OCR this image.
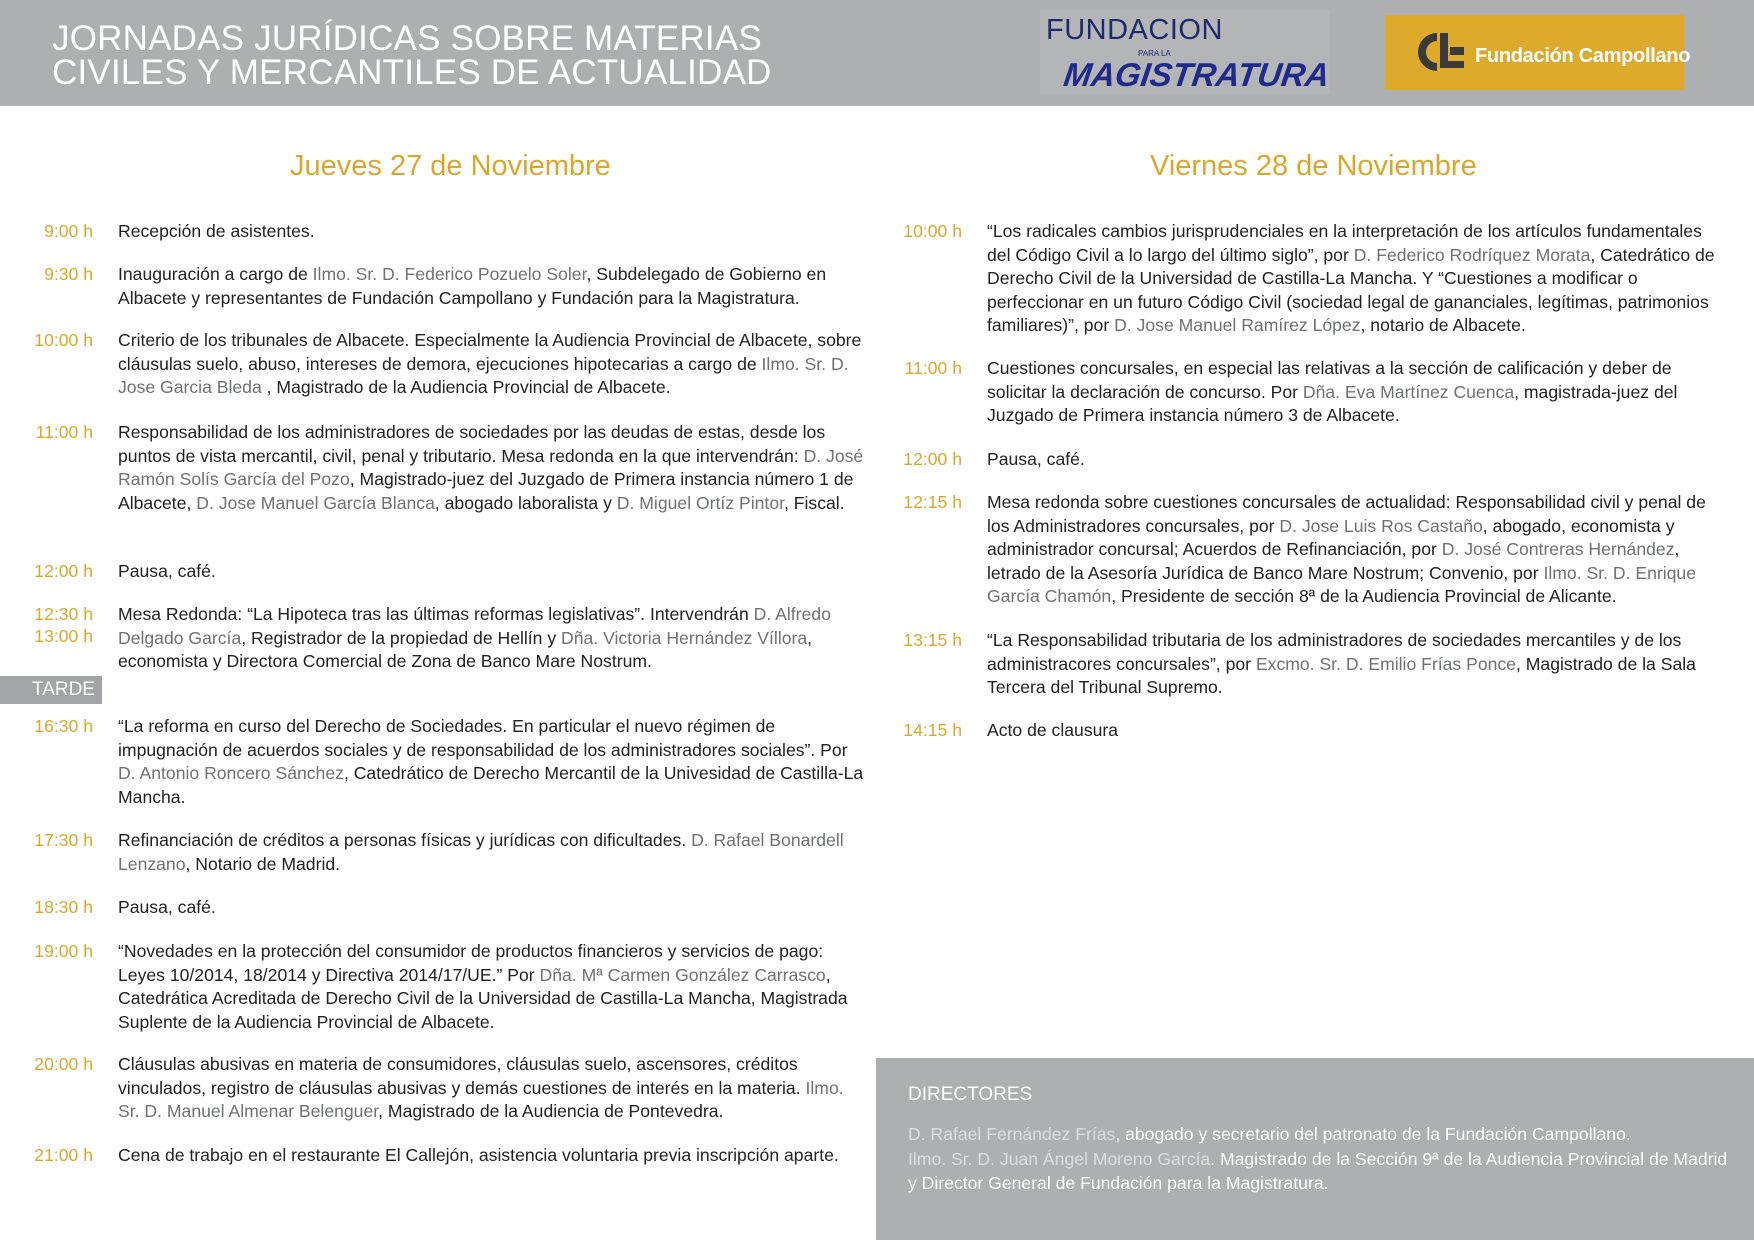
JORNADAS JURÍDICAS SOBRE MATERIAS
CIVILES Y MERCANTILES DE ACTUALIDAD
FUNDACION
PARA LA
MAGISTRATURA	Fundación Campollano
Jueves 27 de Noviembre	Viernes 28 de Noviembre
9:00 h Recepción de asistentes.
9:30 h Inauguración a cargo de Ilmo. Sr. D. Federico Pozuelo Soler, Subdelegado de Gobierno en Albacete y representantes de Fundación Campollano y Fundación para la Magistratura.
10:00 h Criterio de los tribunales de Albacete. Especialmente la Audiencia Provincial de Albacete, sobre cláusulas suelo, abuso, intereses de demora, ejecuciones hipotecarias a cargo de Ilmo. Sr. D. Jose Garcia Bleda , Magistrado de la Audiencia Provincial de Albacete.
11:00 h Responsabilidad de los administradores de sociedades por las deudas de estas, desde los puntos de vista mercantil, civil, penal y tributario. Mesa redonda en la que intervendrán: D. José Ramón Solís García del Pozo, Magistrado-juez del Juzgado de Primera instancia número 1 de Albacete, D. Jose Manuel García Blanca, abogado laboralista y D. Miguel Ortíz Pintor, Fiscal.
12:00 h Pausa, café.
12:30 h
13:00 h
Mesa Redonda: “La Hipoteca tras las últimas reformas legislativas”. Intervendrán D. Alfredo Delgado García, Registrador de la propiedad de Hellín y Dña. Victoria Hernández Víllora, economista y Directora Comercial de Zona de Banco Mare Nostrum.
16:30 h “La reforma en curso del Derecho de Sociedades. En particular el nuevo régimen de impugnación de acuerdos sociales y de responsabilidad de los administradores sociales”. Por D. Antonio Roncero Sánchez, Catedrático de Derecho Mercantil de la Univesidad de Castilla-La Mancha.
17:30 h Refinanciación de créditos a personas físicas y jurídicas con dificultades. D. Rafael Bonardell Lenzano, Notario de Madrid.
18:30 h Pausa, café.
19:00 h “Novedades en la protección del consumidor de productos financieros y servicios de pago: Leyes 10/2014, 18/2014 y Directiva 2014/17/UE.” Por Dña. Mª Carmen González Carrasco, Catedrática Acreditada de Derecho Civil de la Universidad de Castilla-La Mancha, Magistrada Suplente de la Audiencia Provincial de Albacete.
20:00 h Cláusulas abusivas en materia de consumidores, cláusulas suelo, ascensores, créditos vinculados, registro de cláusulas abusivas y demás cuestiones de interés en la materia. Ilmo. Sr. D. Manuel Almenar Belenguer, Magistrado de la Audiencia de Pontevedra.
21:00 h Cena de trabajo en el restaurante El Callejón, asistencia voluntaria previa inscripción aparte.
10:00 h “Los radicales cambios jurisprudenciales en la interpretación de los artículos fundamentales del Código Civil a lo largo del último siglo”, por D. Federico Rodríquez Morata, Catedrático de Derecho Civil de la Universidad de Castilla-La Mancha. Y “Cuestiones a modificar o perfeccionar en un futuro Código Civil (sociedad legal de gananciales, legítimas, patrimonios familiares)”, por D. Jose Manuel Ramírez López, notario de Albacete.
11:00 h Cuestiones concursales, en especial las relativas a la sección de calificación y deber de solicitar la declaración de concurso. Por Dña. Eva Martínez Cuenca, magistrada-juez del Juzgado de Primera instancia número 3 de Albacete.
12:00 h Pausa, café.
12:15 h Mesa redonda sobre cuestiones concursales de actualidad: Responsabilidad civil y penal de los Administradores concursales, por D. Jose Luis Ros Castaño, abogado, economista y administrador concursal; Acuerdos de Refinanciación, por D. José Contreras Hernández, letrado de la Asesoría Jurídica de Banco Mare Nostrum; Convenio, por Ilmo. Sr. D. Enrique García Chamón, Presidente de sección 8ª de la Audiencia Provincial de Alicante.
13:15 h “La Responsabilidad tributaria de los administradores de sociedades mercantiles y de los administracores concursales”, por Excmo. Sr. D. Emilio Frías Ponce, Magistrado de la Sala Tercera del Tribunal Supremo.
14:15 h Acto de clausura
TARDE
DIRECTORES
D. Rafael Fernández Frías, abogado y secretario del patronato de la Fundación Campollano.
Ilmo. Sr. D. Juan Ángel Moreno García. Magistrado de la Sección 9ª de la Audiencia Provincial de Madrid y Director General de Fundación para la Magistratura.
